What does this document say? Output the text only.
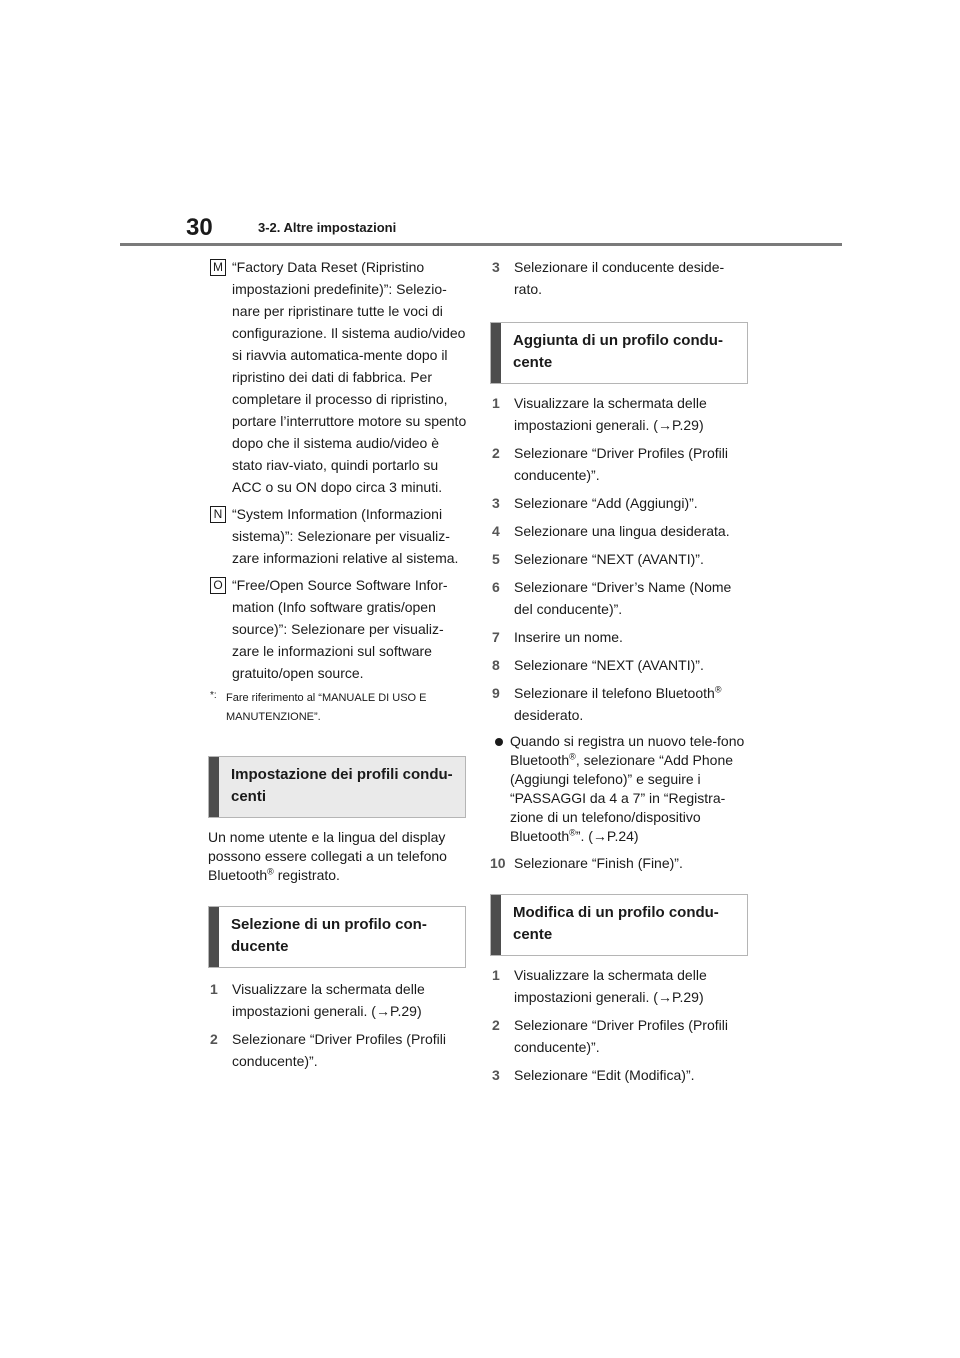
30	3-2. Altre impostazioni
M “Factory Data Reset (Ripristino impostazioni predefinite)”: Selezio-nare per ripristinare tutte le voci di configurazione. Il sistema audio/video si riavvia automatica-mente dopo il ripristino dei dati di fabbrica. Per completare il processo di ripristino, portare l’interruttore motore su spento dopo che il sistema audio/video è stato riav-viato, quindi portarlo su ACC o su ON dopo circa 3 minuti.
N “System Information (Informazioni sistema)”: Selezionare per visualiz-zare informazioni relative al sistema.
O “Free/Open Source Software Infor-mation (Info software gratis/open source)”: Selezionare per visualiz-zare le informazioni sul software gratuito/open source.
*: Fare riferimento al “MANUALE DI USO E MANUTENZIONE”.
Impostazione dei profili condu-centi
Un nome utente e la lingua del display possono essere collegati a un telefono Bluetooth® registrato.
Selezione di un profilo con-ducente
1 Visualizzare la schermata delle impostazioni generali. (→P.29)
2 Selezionare “Driver Profiles (Profili conducente)”.
3 Selezionare il conducente deside-rato.
Aggiunta di un profilo condu-cente
1 Visualizzare la schermata delle impostazioni generali. (→P.29)
2 Selezionare “Driver Profiles (Profili conducente)”.
3 Selezionare “Add (Aggiungi)”.
4 Selezionare una lingua desiderata.
5 Selezionare “NEXT (AVANTI)”.
6 Selezionare “Driver’s Name (Nome del conducente)”.
7 Inserire un nome.
8 Selezionare “NEXT (AVANTI)”.
9 Selezionare il telefono Bluetooth® desiderato.
Quando si registra un nuovo tele-fono Bluetooth®, selezionare “Add Phone (Aggiungi telefono)” e seguire i “PASSAGGI da 4 a 7” in “Registra-zione di un telefono/dispositivo Bluetooth®”. (→P.24)
10 Selezionare “Finish (Fine)”.
Modifica di un profilo condu-cente
1 Visualizzare la schermata delle impostazioni generali. (→P.29)
2 Selezionare “Driver Profiles (Profili conducente)”.
3 Selezionare “Edit (Modifica)”.
